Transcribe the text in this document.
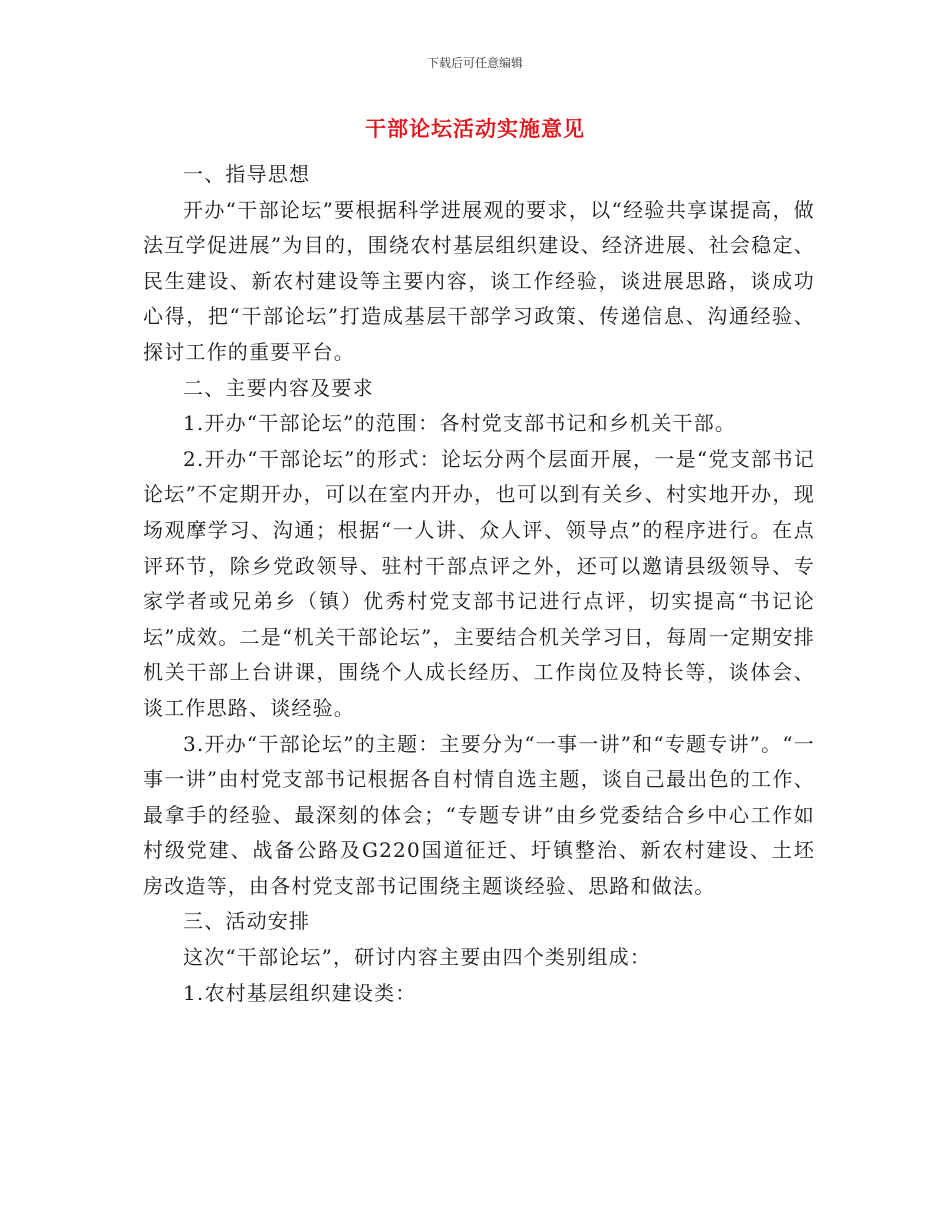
下载后可任意编辑
干部论坛活动实施意见

一、指导思想

开办“干部论坛”要根据科学进展观的要求，以“经验共享谋提高，做法互学促进展”为目的，围绕农村基层组织建设、经济进展、社会稳定、民生建设、新农村建设等主要内容，谈工作经验，谈进展思路，谈成功心得，把“干部论坛”打造成基层干部学习政策、传递信息、沟通经验、探讨工作的重要平台。

二、主要内容及要求

1.开办“干部论坛”的范围：各村党支部书记和乡机关干部。

2.开办“干部论坛”的形式：论坛分两个层面开展，一是“党支部书记论坛”不定期开办，可以在室内开办，也可以到有关乡、村实地开办，现场观摩学习、沟通；根据“一人讲、众人评、领导点”的程序进行。在点评环节，除乡党政领导、驻村干部点评之外，还可以邀请县级领导、专家学者或兄弟乡（镇）优秀村党支部书记进行点评，切实提高“书记论坛”成效。二是“机关干部论坛”，主要结合机关学习日，每周一定期安排机关干部上台讲课，围绕个人成长经历、工作岗位及特长等，谈体会、谈工作思路、谈经验。

3.开办“干部论坛”的主题：主要分为“一事一讲”和“专题专讲”。“一事一讲”由村党支部书记根据各自村情自选主题，谈自己最出色的工作、最拿手的经验、最深刻的体会；“专题专讲”由乡党委结合乡中心工作如村级党建、战备公路及G220国道征迁、圩镇整治、新农村建设、土坯房改造等，由各村党支部书记围绕主题谈经验、思路和做法。

三、活动安排

这次“干部论坛”，研讨内容主要由四个类别组成：

1.农村基层组织建设类：
